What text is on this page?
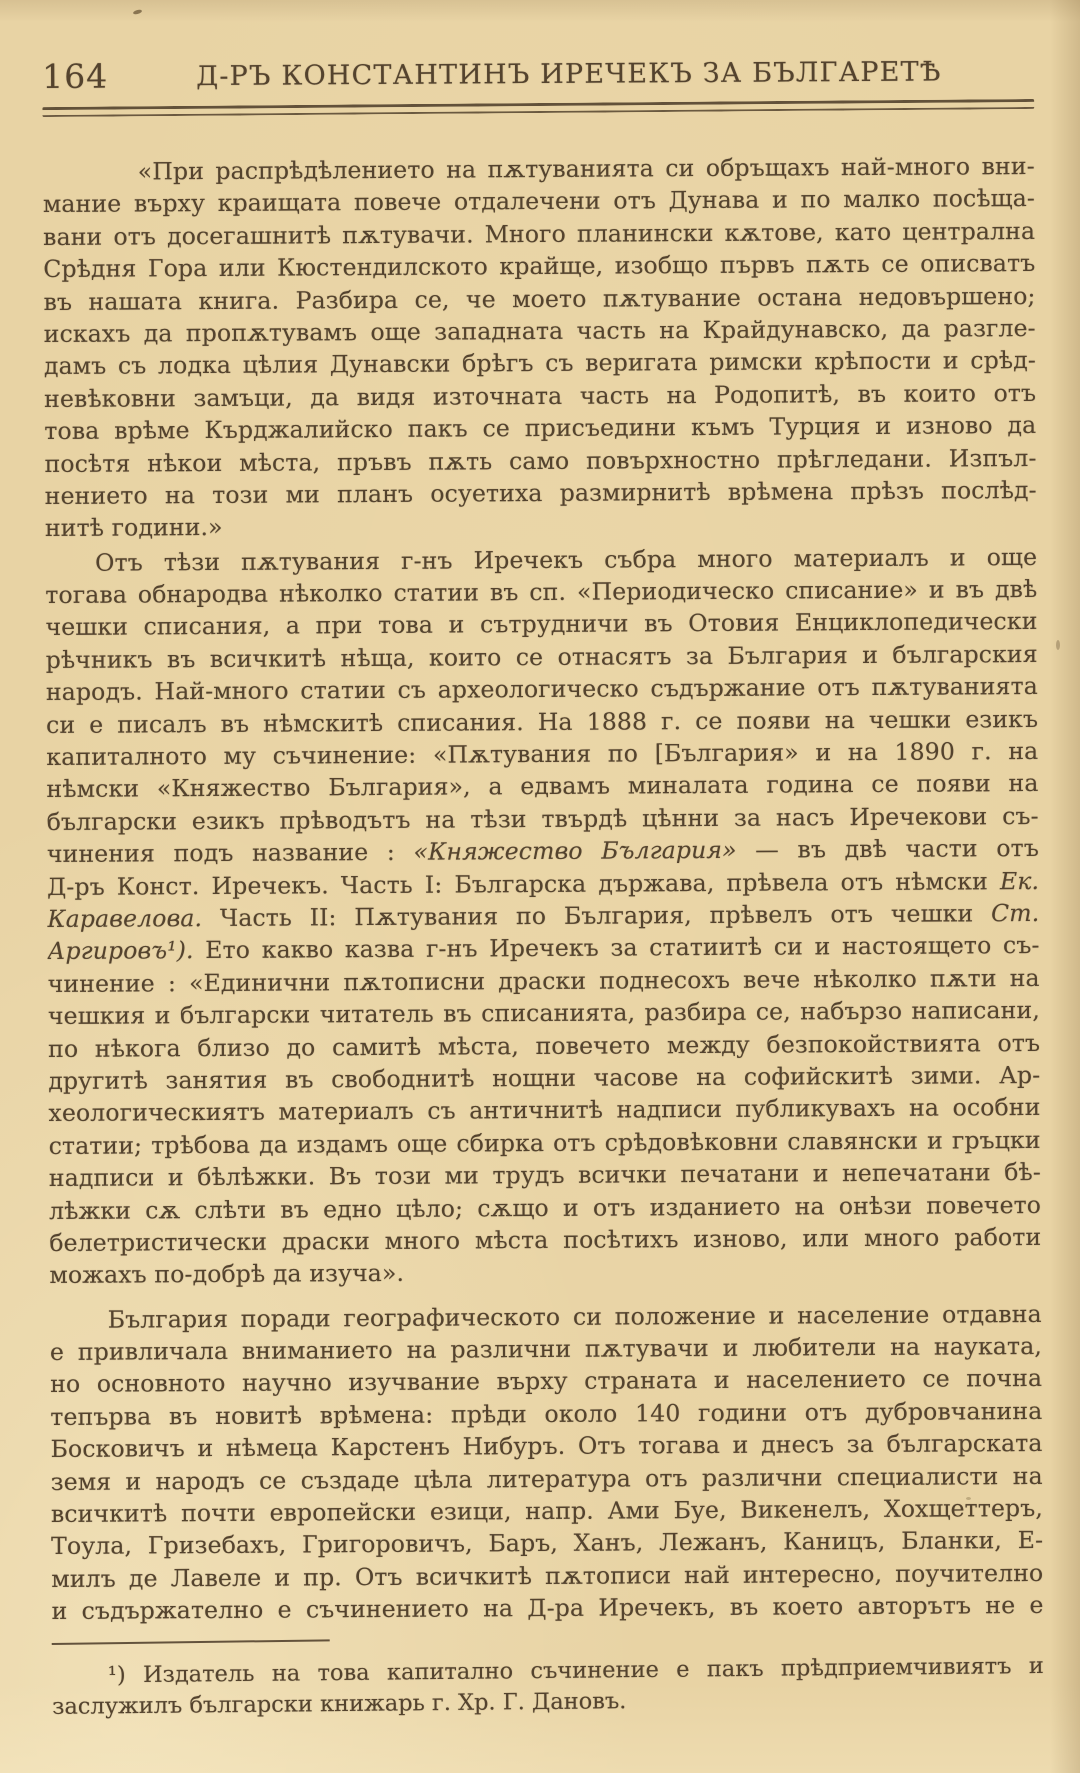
164	Д-РЪ КОНСТАНТИНЪ ИРЕЧЕКЪ ЗА БЪЛГАРЕТѢ
«При распрѣдѣлението на пѫтуванията си обръщахъ най-много вни-
мание върху краищата повече отдалечени отъ Дунава и по малко посѣща-
вани отъ досегашнитѣ пѫтувачи. Много планински кѫтове, като централна
Срѣдня Гора или Кюстендилското крайще, изобщо първъ пѫть се описватъ
въ нашата книга. Разбира се, че моето пѫтувание остана недовършено;
искахъ да пропѫтувамъ още западната часть на Крайдунавско, да разгле-
дамъ съ лодка цѣлия Дунавски брѣгъ съ веригата римски крѣпости и срѣд-
невѣковни замъци, да видя източната часть на Родопитѣ, въ които отъ
това врѣме Кърджалийско пакъ се присъедини къмъ Турция и изново да
посѣтя нѣкои мѣста, пръвъ пѫть само повърхностно прѣгледани. Изпъл-
нението на този ми планъ осуетиха размирнитѣ врѣмена прѣзъ послѣд-
нитѣ години.»
Отъ тѣзи пѫтувания г-нъ Иречекъ събра много материалъ и още
тогава обнародва нѣколко статии въ сп. «Периодическо списание» и въ двѣ
чешки списания, а при това и сътрудничи въ Отовия Енциклопедически
рѣчникъ въ всичкитѣ нѣща, които се отнасятъ за България и българския
народъ. Най-много статии съ археологическо съдържание отъ пѫтуванията
си е писалъ въ нѣмскитѣ списания. На 1888 г. се появи на чешки езикъ
капиталното му съчинение: «Пѫтувания по [България» и на 1890 г. на
нѣмски «Княжество България», а едвамъ миналата година се появи на
български езикъ прѣводътъ на тѣзи твърдѣ цѣнни за насъ Иречекови съ-
чинения подъ название : «Княжество България» — въ двѣ части отъ
Д-ръ Конст. Иречекъ. Часть I: Българска държава, прѣвела отъ нѣмски Ек.
Каравелова. Часть II: Пѫтувания по България, прѣвелъ отъ чешки Ст.
Аргировъ¹). Ето какво казва г-нъ Иречекъ за статиитѣ си и настоящето съ-
чинение : «Единични пѫтописни драски поднесохъ вече нѣколко пѫти на
чешкия и български читатель въ списанията, разбира се, набързо написани,
по нѣкога близо до самитѣ мѣста, повечето между безпокойствията отъ
другитѣ занятия въ свободнитѣ нощни часове на софийскитѣ зими. Ар-
хеологическиятъ материалъ съ античнитѣ надписи публикувахъ на особни
статии; трѣбова да издамъ още сбирка отъ срѣдовѣковни славянски и гръцки
надписи и бѣлѣжки. Въ този ми трудъ всички печатани и непечатани бѣ-
лѣжки сѫ слѣти въ едно цѣло; сѫщо и отъ изданието на онѣзи повечето
белетристически драски много мѣста посѣтихъ изново, или много работи
можахъ по-добрѣ да изуча».
България поради географическото си положение и население отдавна
е привличала вниманието на различни пѫтувачи и любители на науката,
но основното научно изучвание върху страната и населението се почна
тепърва въ новитѣ врѣмена: прѣди около 140 години отъ дубровчанина
Босковичъ и нѣмеца Карстенъ Нибуръ. Отъ тогава и днесъ за българската
земя и народъ се създаде цѣла литература отъ различни специалисти на
всичкитѣ почти европейски езици, напр. Ами Буе, Викенелъ, Хохщеттеръ,
Тоула, Гризебахъ, Григоровичъ, Баръ, Ханъ, Лежанъ, Каницъ, Бланки, Е-
милъ де Лавеле и пр. Отъ всичкитѣ пѫтописи най интересно, поучително
и съдържателно е съчинението на Д-ра Иречекъ, въ което авторътъ не е
¹) Издатель на това капитално съчинение е пакъ прѣдприемчивиятъ и
заслужилъ български книжарь г. Хр. Г. Дановъ.
